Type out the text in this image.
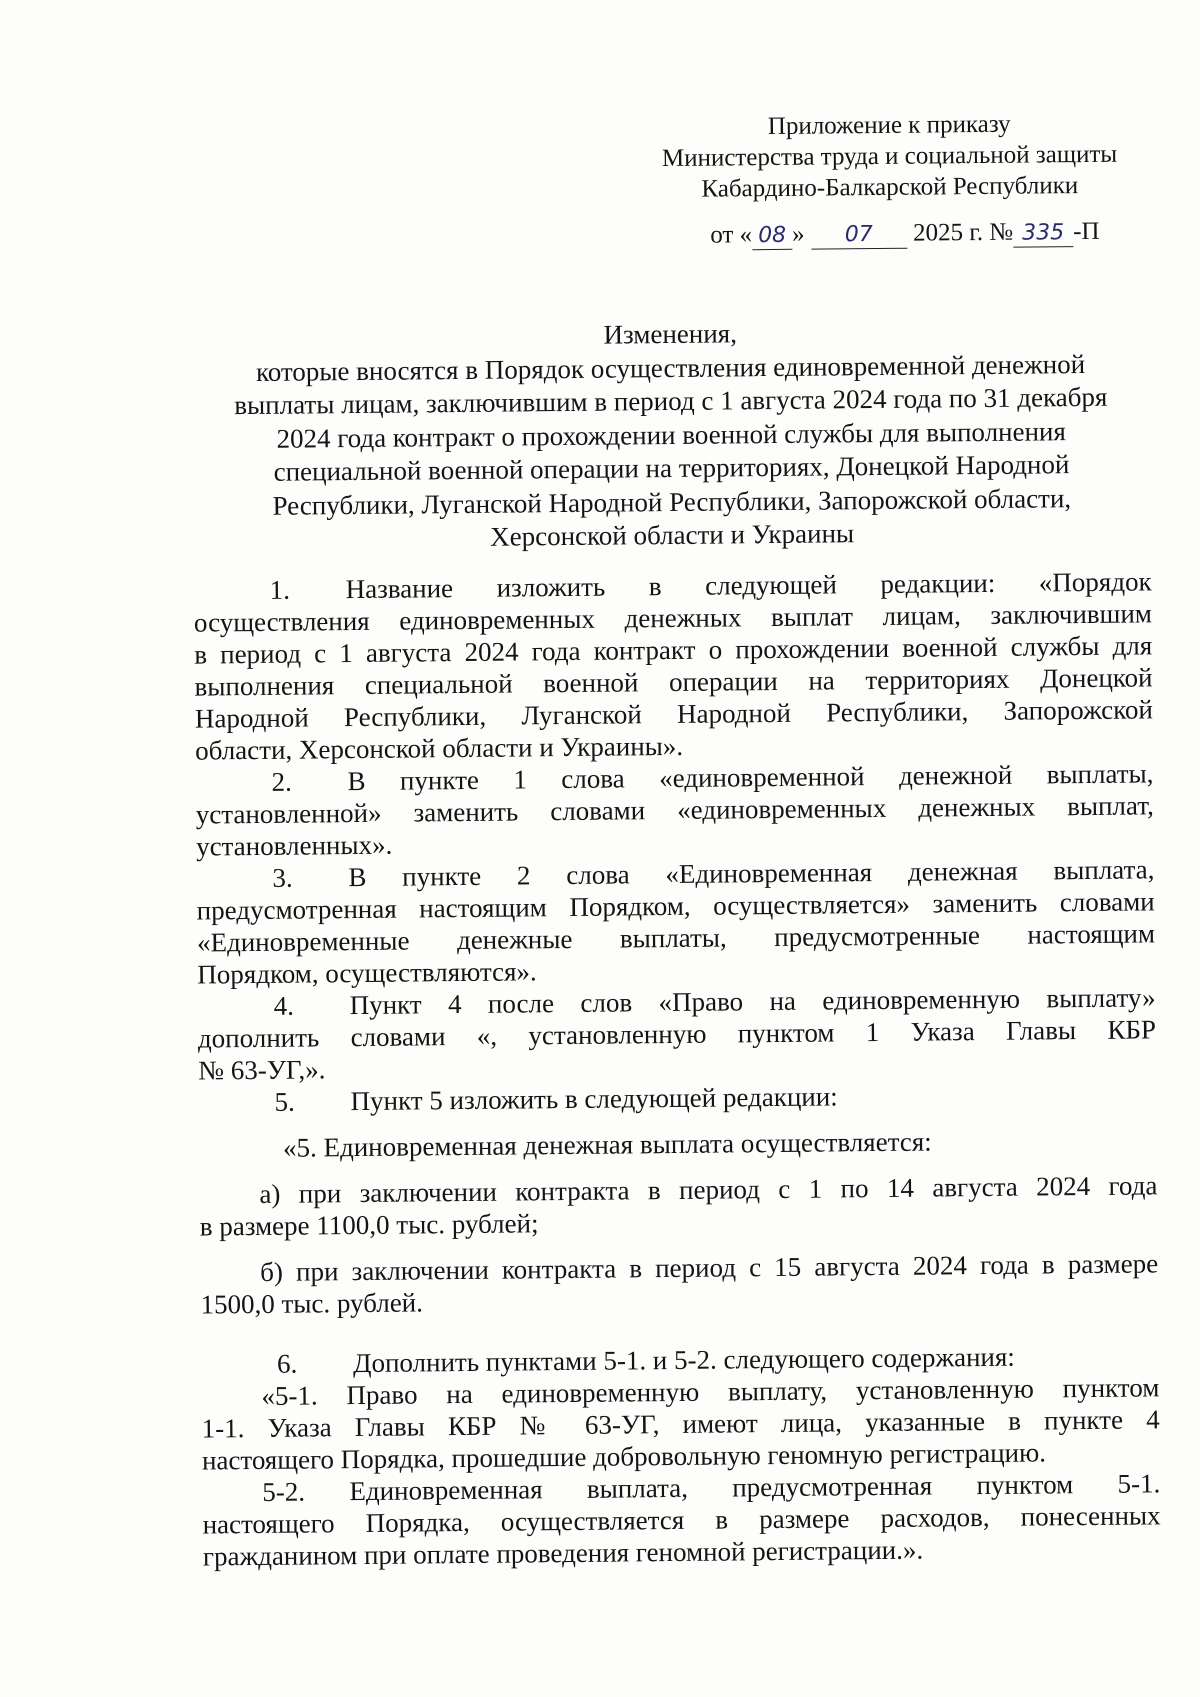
Приложение к приказу
Министерства труда и социальной защиты
Кабардино-Балкарской Республики
от « 08 » 07 2025 г. № 335 -П
Изменения,
которые вносятся в Порядок осуществления единовременной денежной
выплаты лицам, заключившим в период с 1 августа 2024 года по 31 декабря
2024 года контракт о прохождении военной службы для выполнения
специальной военной операции на территориях, Донецкой Народной
Республики, Луганской Народной Республики, Запорожской области,
Херсонской области и Украины
1. Название изложить в следующей редакции: «Порядок
осуществления единовременных денежных выплат лицам, заключившим
в период с 1 августа 2024 года контракт о прохождении военной службы для
выполнения специальной военной операции на территориях Донецкой
Народной Республики, Луганской Народной Республики, Запорожской
области, Херсонской области и Украины».
2. В пункте 1 слова «единовременной денежной выплаты,
установленной» заменить словами «единовременных денежных выплат,
установленных».
3. В пункте 2 слова «Единовременная денежная выплата,
предусмотренная настоящим Порядком, осуществляется» заменить словами
«Единовременные денежные выплаты, предусмотренные настоящим
Порядком, осуществляются».
4. Пункт 4 после слов «Право на единовременную выплату»
дополнить словами «, установленную пунктом 1 Указа Главы КБР
№ 63-УГ,».
5. Пункт 5 изложить в следующей редакции:
«5. Единовременная денежная выплата осуществляется:
а) при заключении контракта в период с 1 по 14 августа 2024 года
в размере 1100,0 тыс. рублей;
б) при заключении контракта в период с 15 августа 2024 года в размере
1500,0 тыс. рублей.
6. Дополнить пунктами 5-1. и 5-2. следующего содержания:
«5-1. Право на единовременную выплату, установленную пунктом
1-1. Указа Главы КБР № 63-УГ, имеют лица, указанные в пункте 4
настоящего Порядка, прошедшие добровольную геномную регистрацию.
5-2. Единовременная выплата, предусмотренная пунктом 5-1.
настоящего Порядка, осуществляется в размере расходов, понесенных
гражданином при оплате проведения геномной регистрации.».
